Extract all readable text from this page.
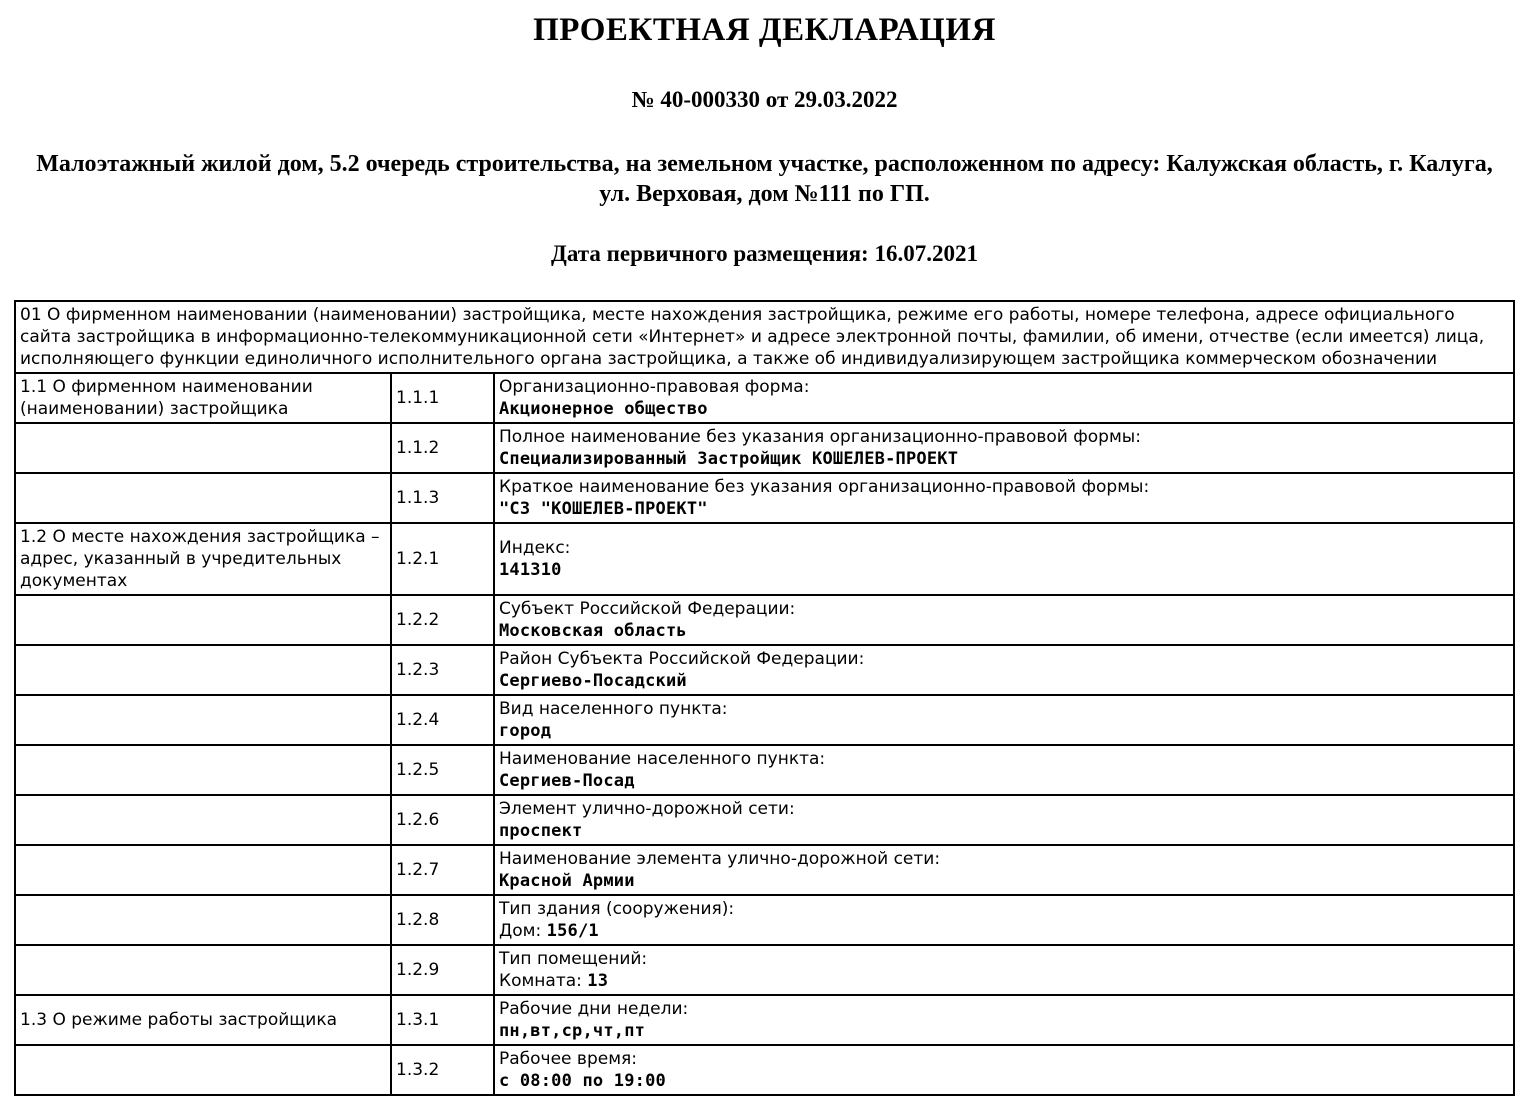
ПРОЕКТНАЯ ДЕКЛАРАЦИЯ
№ 40-000330 от 29.03.2022
Малоэтажный жилой дом, 5.2 очередь строительства, на земельном участке, расположенном по адресу: Калужская область, г. Калуга, ул. Верховая, дом №111 по ГП.
Дата первичного размещения: 16.07.2021
01 О фирменном наименовании (наименовании) застройщика, месте нахождения застройщика, режиме его работы, номере телефона, адресе официального сайта застройщика в информационно-телекоммуникационной сети «Интернет» и адресе электронной почты, фамилии, об имени, отчестве (если имеется) лица, исполняющего функции единоличного исполнительного органа застройщика, а также об индивидуализирующем застройщика коммерческом обозначении		
1.1 О фирменном наименовании (наименовании) застройщика	1.1.1	Организационно-правовая форма:
Акционерное общество

	1.1.2	Полное наименование без указания организационно-правовой формы:
Специализированный Застройщик КОШЕЛЕВ-ПРОЕКТ

	1.1.3	Краткое наименование без указания организационно-правовой формы:
"СЗ "КОШЕЛЕВ-ПРОЕКТ"

1.2 О месте нахождения застройщика – адрес, указанный в учредительных документах	1.2.1	Индекс:
141310

	1.2.2	Субъект Российской Федерации:
Московская область

	1.2.3	Район Субъекта Российской Федерации:
Сергиево-Посадский

	1.2.4	Вид населенного пункта:
город

	1.2.5	Наименование населенного пункта:
Сергиев-Посад

	1.2.6	Элемент улично-дорожной сети:
проспект

	1.2.7	Наименование элемента улично-дорожной сети:
Красной Армии

	1.2.8	Тип здания (сооружения):
Дом: 156/1

	1.2.9	Тип помещений:
Комната: 13

1.3 О режиме работы застройщика	1.3.1	Рабочие дни недели:
пн,вт,ср,чт,пт

	1.3.2	Рабочее время:
с 08:00 по 19:00
